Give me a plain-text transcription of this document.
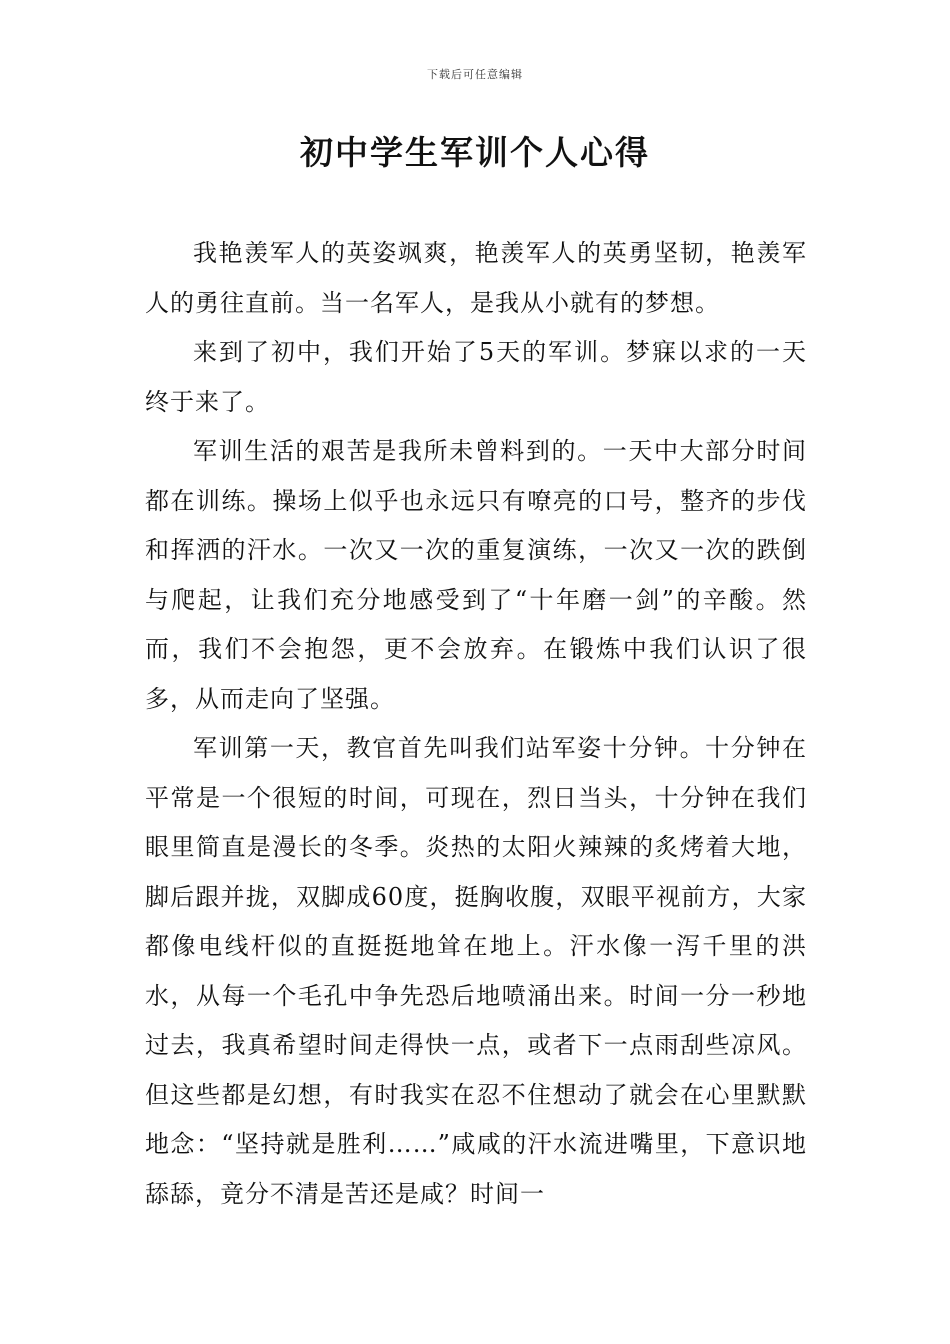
下载后可任意编辑
初中学生军训个人心得

我艳羡军人的英姿飒爽，艳羡军人的英勇坚韧，艳羡军人的勇往直前。当一名军人，是我从小就有的梦想。

来到了初中，我们开始了5天的军训。梦寐以求的一天终于来了。

军训生活的艰苦是我所未曾料到的。一天中大部分时间都在训练。操场上似乎也永远只有嘹亮的口号，整齐的步伐和挥洒的汗水。一次又一次的重复演练，一次又一次的跌倒与爬起，让我们充分地感受到了“十年磨一剑”的辛酸。然而，我们不会抱怨，更不会放弃。在锻炼中我们认识了很多，从而走向了坚强。

军训第一天，教官首先叫我们站军姿十分钟。十分钟在平常是一个很短的时间，可现在，烈日当头，十分钟在我们眼里简直是漫长的冬季。炎热的太阳火辣辣的炙烤着大地，脚后跟并拢，双脚成60度，挺胸收腹，双眼平视前方，大家都像电线杆似的直挺挺地耸在地上。汗水像一泻千里的洪水，从每一个毛孔中争先恐后地喷涌出来。时间一分一秒地过去，我真希望时间走得快一点，或者下一点雨刮些凉风。但这些都是幻想，有时我实在忍不住想动了就会在心里默默地念：“坚持就是胜利……”咸咸的汗水流进嘴里，下意识地舔舔，竟分不清是苦还是咸？时间一
